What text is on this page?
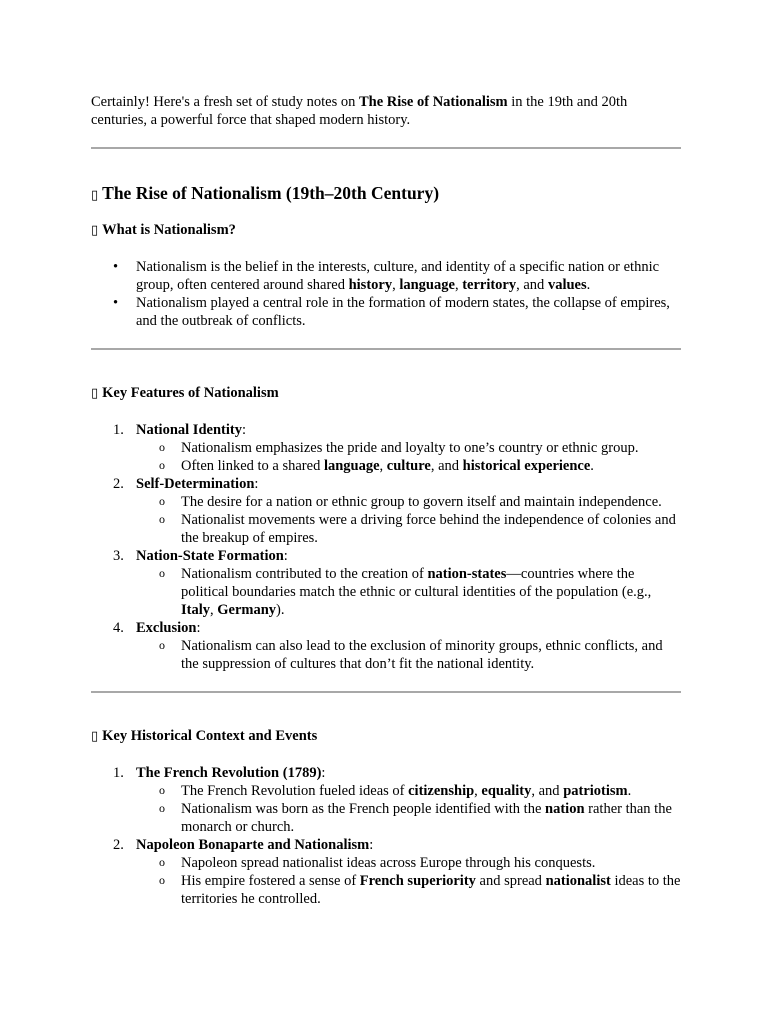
Certainly! Here's a fresh set of study notes on The Rise of Nationalism in the 19th and 20th centuries, a powerful force that shaped modern history.

▯ The Rise of Nationalism (19th–20th Century)
▯ What is Nationalism?
• Nationalism is the belief in the interests, culture, and identity of a specific nation or ethnic group, often centered around shared history, language, territory, and values.
• Nationalism played a central role in the formation of modern states, the collapse of empires, and the outbreak of conflicts.
▯ Key Features of Nationalism
1. National Identity:
o Nationalism emphasizes the pride and loyalty to one’s country or ethnic group.
o Often linked to a shared language, culture, and historical experience.
2. Self-Determination:
o The desire for a nation or ethnic group to govern itself and maintain independence.
o Nationalist movements were a driving force behind the independence of colonies and the breakup of empires.
3. Nation-State Formation:
o Nationalism contributed to the creation of nation-states—countries where the political boundaries match the ethnic or cultural identities of the population (e.g., Italy, Germany).
4. Exclusion:
o Nationalism can also lead to the exclusion of minority groups, ethnic conflicts, and the suppression of cultures that don’t fit the national identity.
▯ Key Historical Context and Events
1. The French Revolution (1789):
o The French Revolution fueled ideas of citizenship, equality, and patriotism.
o Nationalism was born as the French people identified with the nation rather than the monarch or church.
2. Napoleon Bonaparte and Nationalism:
o Napoleon spread nationalist ideas across Europe through his conquests.
o His empire fostered a sense of French superiority and spread nationalist ideas to the territories he controlled.
